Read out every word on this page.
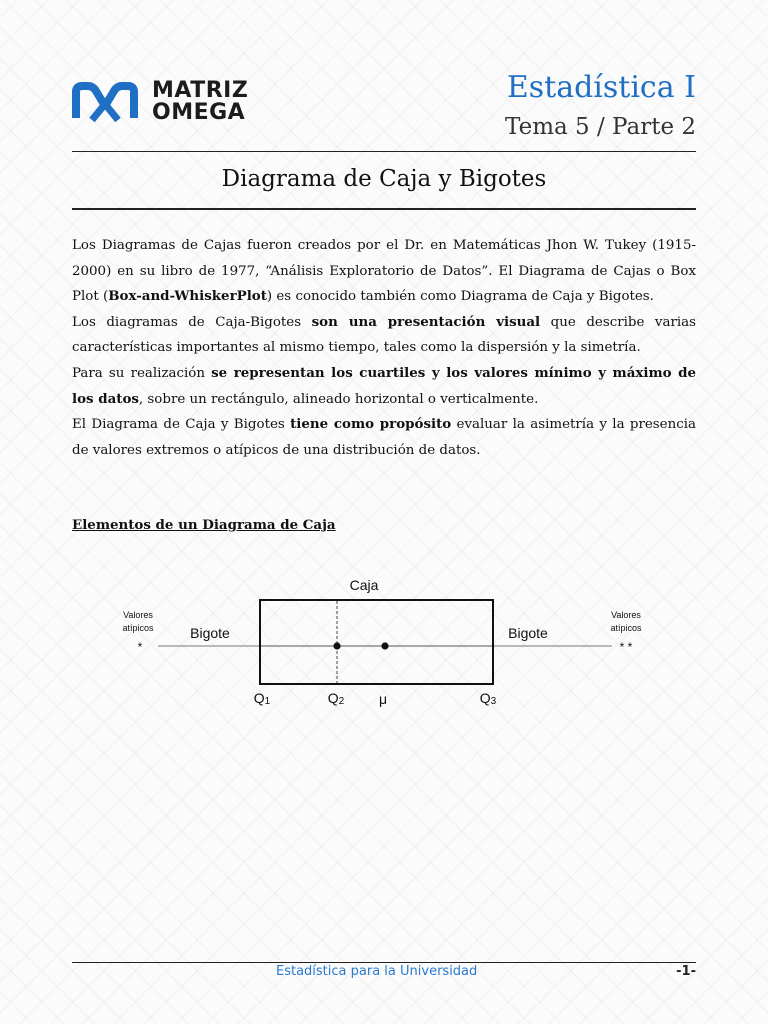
MATRIZ
OMEGA
Estadística I
Tema 5 / Parte 2
Diagrama de Caja y Bigotes

Los Diagramas de Cajas fueron creados por el Dr. en Matemáticas Jhon W. Tukey (1915-2000) en su libro de 1977, “Análisis Exploratorio de Datos”. El Diagrama de Cajas o Box Plot (Box-and-WhiskerPlot) es conocido también como Diagrama de Caja y Bigotes.

Los diagramas de Caja-Bigotes son una presentación visual que describe varias características importantes al mismo tiempo, tales como la dispersión y la simetría.

Para su realización se representan los cuartiles y los valores mínimo y máximo de los datos, sobre un rectángulo, alineado horizontal o verticalmente.

El Diagrama de Caja y Bigotes tiene como propósito evaluar la asimetría y la presencia de valores extremos o atípicos de una distribución de datos.

Elementos de un Diagrama de Caja
Caja
Valores
atípicos
*
Valores
atípicos
* *
Bigote	Bigote
Q1	Q2 μ	Q3
Estadística para la Universidad	-1-
